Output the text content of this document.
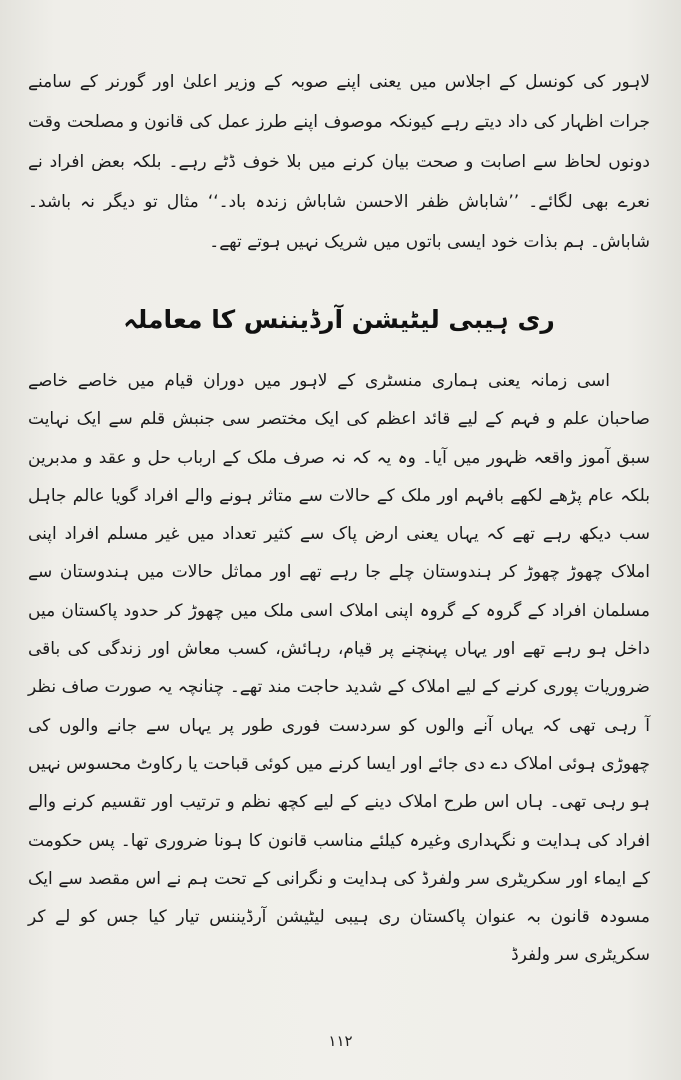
لاہور کی کونسل کے اجلاس میں یعنی اپنے صوبہ کے وزیر اعلیٰ اور گورنر کے سامنے جرات اظہار کی داد دیتے رہے کیونکہ موصوف اپنے طرز عمل کی قانون و مصلحت وقت دونوں لحاظ سے اصابت و صحت بیان کرنے میں بلا خوف ڈٹے رہے۔ بلکہ بعض افراد نے نعرے بھی لگائے۔ ’’شاباش ظفر الاحسن شاباش زندہ باد۔‘‘ مثال تو دیگر نہ باشد۔ شاباش۔ ہم بذات خود ایسی باتوں میں شریک نہیں ہوتے تھے۔

ری ہیبی لیٹیشن آرڈیننس کا معاملہ

اسی زمانہ یعنی ہماری منسٹری کے لاہور میں دوران قیام میں خاصے خاصے صاحبان علم و فہم کے لیے قائد اعظم کی ایک مختصر سی جنبش قلم سے ایک نہایت سبق آموز واقعہ ظہور میں آیا۔ وہ یہ کہ نہ صرف ملک کے ارباب حل و عقد و مدبرین بلکہ عام پڑھے لکھے بافہم اور ملک کے حالات سے متاثر ہونے والے افراد گویا عالم جاہل سب دیکھ رہے تھے کہ یہاں یعنی ارض پاک سے کثیر تعداد میں غیر مسلم افراد اپنی املاک چھوڑ چھوڑ کر ہندوستان چلے جا رہے تھے اور مماثل حالات میں ہندوستان سے مسلمان افراد کے گروہ کے گروہ اپنی املاک اسی ملک میں چھوڑ کر حدود پاکستان میں داخل ہو رہے تھے اور یہاں پہنچنے پر قیام، رہائش، کسب معاش اور زندگی کی باقی ضروریات پوری کرنے کے لیے املاک کے شدید حاجت مند تھے۔ چنانچہ یہ صورت صاف نظر آ رہی تھی کہ یہاں آنے والوں کو سردست فوری طور پر یہاں سے جانے والوں کی چھوڑی ہوئی املاک دے دی جائے اور ایسا کرنے میں کوئی قباحت یا رکاوٹ محسوس نہیں ہو رہی تھی۔ ہاں اس طرح املاک دینے کے لیے کچھ نظم و ترتیب اور تقسیم کرنے والے افراد کی ہدایت و نگہداری وغیرہ کیلئے مناسب قانون کا ہونا ضروری تھا۔ پس حکومت کے ایماء اور سکریٹری سر ولفرڈ کی ہدایت و نگرانی کے تحت ہم نے اس مقصد سے ایک مسودہ قانون بہ عنوان پاکستان ری ہیبی لیٹیشن آرڈیننس تیار کیا جس کو لے کر سکریٹری سر ولفرڈ

۱۱۲
